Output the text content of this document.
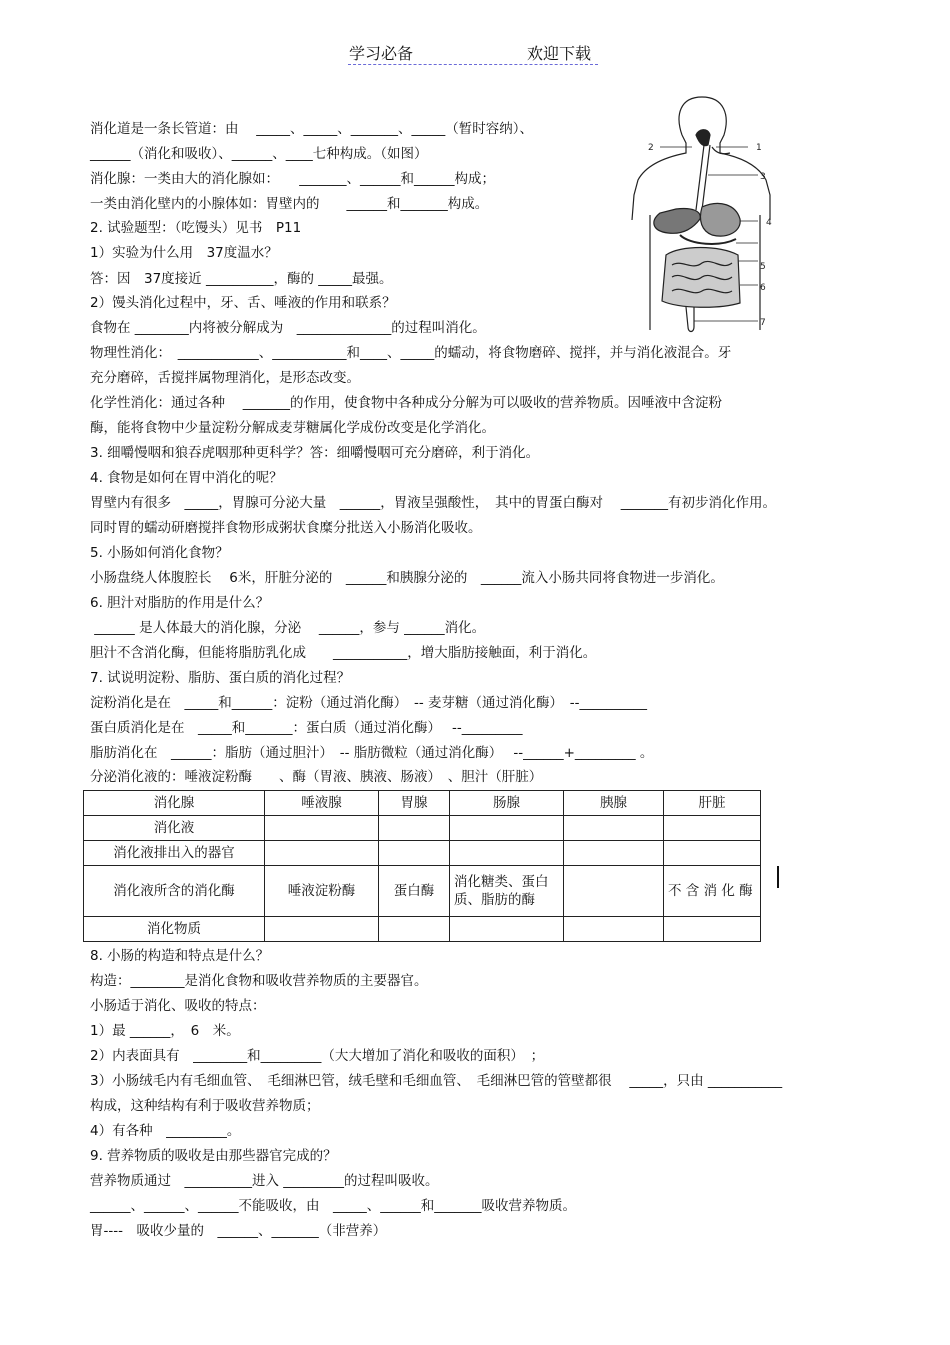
学习必备	欢迎下载
2	1
3
4
5
6
7
消化道是一条长管道：由　 _____、_____、_______、_____（暂时容纳）、
______（消化和吸收）、______、____七种构成。（如图）
消化腺：一类由大的消化腺如：　　_______、______和______构成；
一类由消化壁内的小腺体如：胃壁内的　　______和_______构成。
2. 试验题型：（吃馒头）见书　P11
1）实验为什么用　37度温水？
答：因　37度接近 __________，酶的 _____最强。
2）馒头消化过程中，牙、舌、唾液的作用和联系？
食物在 ________内将被分解成为　______________的过程叫消化。
物理性消化：　____________、___________和____、_____的蠕动，将食物磨碎、搅拌，并与消化液混合。牙
充分磨碎，舌搅拌属物理消化，是形态改变。
化学性消化：通过各种　 _______的作用，使食物中各种成分分解为可以吸收的营养物质。因唾液中含淀粉
酶，能将食物中少量淀粉分解成麦芽糖属化学成份改变是化学消化。
3. 细嚼慢咽和狼吞虎咽那种更科学？答：细嚼慢咽可充分磨碎，利于消化。
4. 食物是如何在胃中消化的呢？
胃壁内有很多　_____，胃腺可分泌大量　______，胃液呈强酸性，　其中的胃蛋白酶对　 _______有初步消化作用。
同时胃的蠕动研磨搅拌食物形成粥状食糜分批送入小肠消化吸收。
5. 小肠如何消化食物？
小肠盘绕人体腹腔长　 6米，肝脏分泌的　______和胰腺分泌的　______流入小肠共同将食物进一步消化。
6. 胆汁对脂肪的作用是什么？
______ 是人体最大的消化腺，分泌　 ______，参与 ______消化。
胆汁不含消化酶，但能将脂肪乳化成　　___________，增大脂肪接触面，利于消化。
7. 试说明淀粉、脂肪、蛋白质的消化过程？
淀粉消化是在　_____和______：淀粉（通过消化酶）　-- 麦芽糖（通过消化酶）　--__________
蛋白质消化是在　_____和_______：蛋白质（通过消化酶）　 --_________
脂肪消化在　______：脂肪（通过胆汁）　-- 脂肪微粒（通过消化酶）　 --______+_________ 。
分泌消化液的：唾液淀粉酶　　、酶（胃液、胰液、肠液）　、胆汁（肝脏）
消化腺	唾液腺	胃腺	肠腺	胰腺	肝脏
消化液					
消化液排出入的器官					
消化液所含的消化酶	唾液淀粉酶	蛋白酶	消化糖类、蛋白质、脂肪的酶		不 含 消 化 酶
消化物质					
8. 小肠的构造和特点是什么？
构造：________是消化食物和吸收营养物质的主要器官。
小肠适于消化、吸收的特点：
1）最 ______，　6　米。
2）内表面具有　________和_________（大大增加了消化和吸收的面积）　；
3）小肠绒毛内有毛细血管、　毛细淋巴管，绒毛壁和毛细血管、　毛细淋巴管的管壁都很　 _____，只由 ___________
构成，这种结构有利于吸收营养物质；
4）有各种　_________。
9. 营养物质的吸收是由那些器官完成的？
营养物质通过　__________进入 _________的过程叫吸收。
______、______、______不能吸收，由　_____、______和_______吸收营养物质。
胃----　吸收少量的　______、_______（非营养）
